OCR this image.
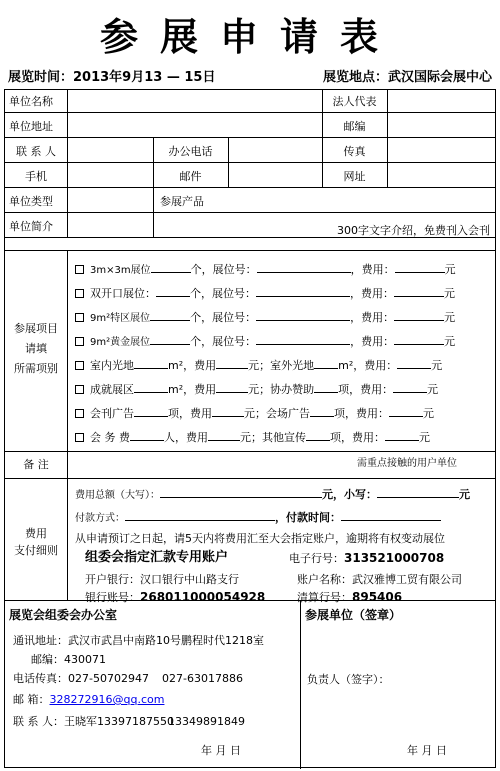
参展申请表
展览时间：2013年9月13 — 15日	展览地点：武汉国际会展中心
单位名称	法人代表
单位地址	邮编
联 系 人	办公电话	传真
手机	邮件	网址
单位类型	参展产品
单位简介	300字文字介绍，免费刊入会刊
参展项目
请填
所需项别
3m×3m展位	个，展位号：	，费用：	元
双开口展位：	个，展位号：	，费用：	元
9m²特区展位	个，展位号：	，费用：	元
9m²黄金展位	个，展位号：	，费用：	元
室内光地	m²，费用	元；室外光地 m²，费用：	元
成就展区	m²，费用	元；协办赞助 项，费用：	元
会刊广告	项，费用	元；会场广告 项，费用：	元
会 务 费	人，费用	元；其他宣传 项，费用：	元
备 注	需重点接触的用户单位
费用
支付细则
费用总额（大写）：	元，小写：	元
付款方式：	，付款时间：
从申请预订之日起，请5天内将费用汇至大会指定账户，逾期将有权变动展位
组委会指定汇款专用账户	电子行号：313521000708
开户银行：汉口银行中山路支行	账户名称：武汉雅博工贸有限公司
银行账号：268011000054928	清算行号：895406
展览会组委会办公室
通讯地址：武汉市武昌中南路10号鹏程时代1218室
邮编：430071
电话传真：027-50702947 027-63017886
邮 箱：328272916@qq.com
联 系 人：王晓军1339718755013349891849
年 月 日
参展单位（签章）
负责人（签字）：
年 月 日
